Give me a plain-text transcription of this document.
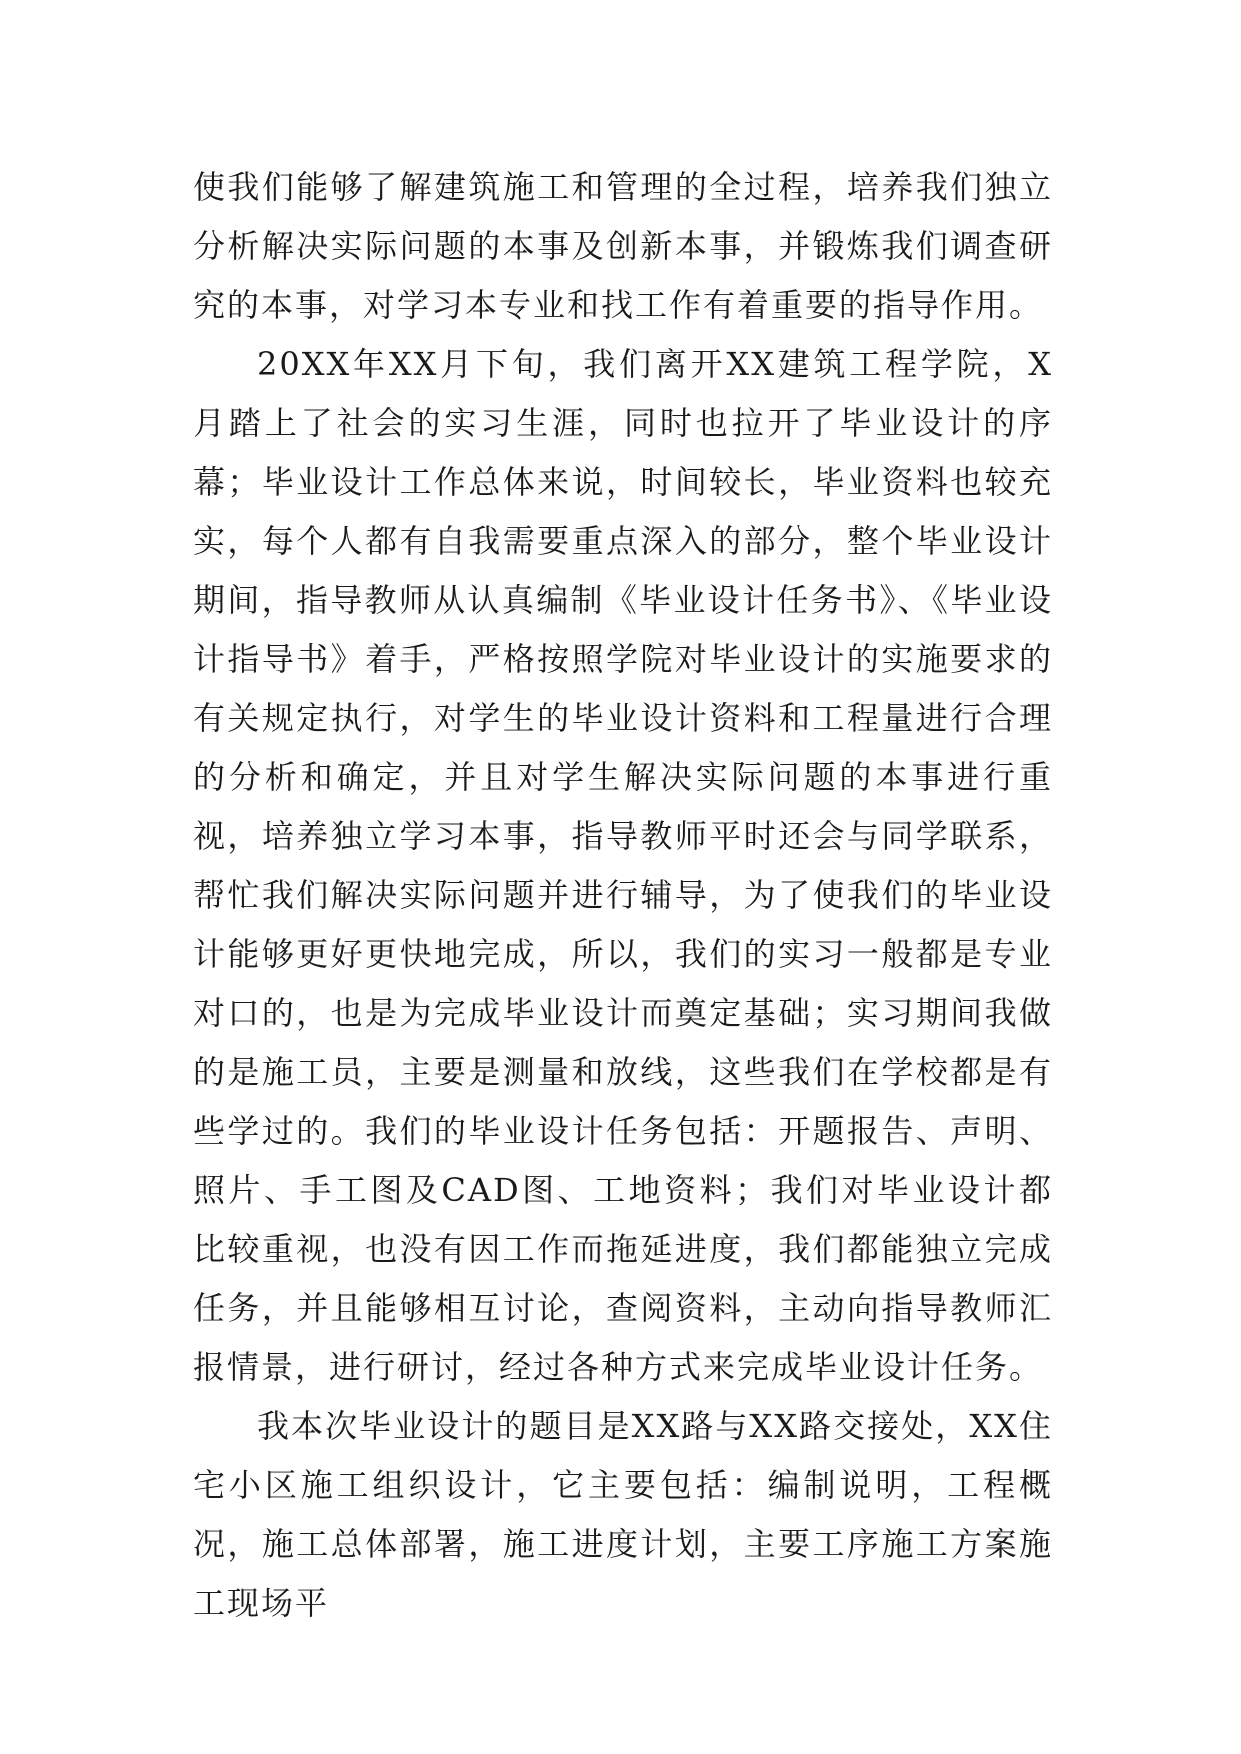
使我们能够了解建筑施工和管理的全过程，培养我们独立分析解决实际问题的本事及创新本事，并锻炼我们调查研究的本事，对学习本专业和找工作有着重要的指导作用。

20XX年XX月下旬，我们离开XX建筑工程学院，X月踏上了社会的实习生涯，同时也拉开了毕业设计的序幕；毕业设计工作总体来说，时间较长，毕业资料也较充实，每个人都有自我需要重点深入的部分，整个毕业设计期间，指导教师从认真编制《毕业设计任务书》、《毕业设计指导书》着手，严格按照学院对毕业设计的实施要求的有关规定执行，对学生的毕业设计资料和工程量进行合理的分析和确定，并且对学生解决实际问题的本事进行重视，培养独立学习本事，指导教师平时还会与同学联系，帮忙我们解决实际问题并进行辅导，为了使我们的毕业设计能够更好更快地完成，所以，我们的实习一般都是专业对口的，也是为完成毕业设计而奠定基础；实习期间我做的是施工员，主要是测量和放线，这些我们在学校都是有些学过的。我们的毕业设计任务包括：开题报告、声明、照片、手工图及CAD图、工地资料；我们对毕业设计都比较重视，也没有因工作而拖延进度，我们都能独立完成任务，并且能够相互讨论，查阅资料，主动向指导教师汇报情景，进行研讨，经过各种方式来完成毕业设计任务。

我本次毕业设计的题目是XX路与XX路交接处，XX住宅小区施工组织设计，它主要包括：编制说明，工程概况，施工总体部署，施工进度计划，主要工序施工方案施工现场平
